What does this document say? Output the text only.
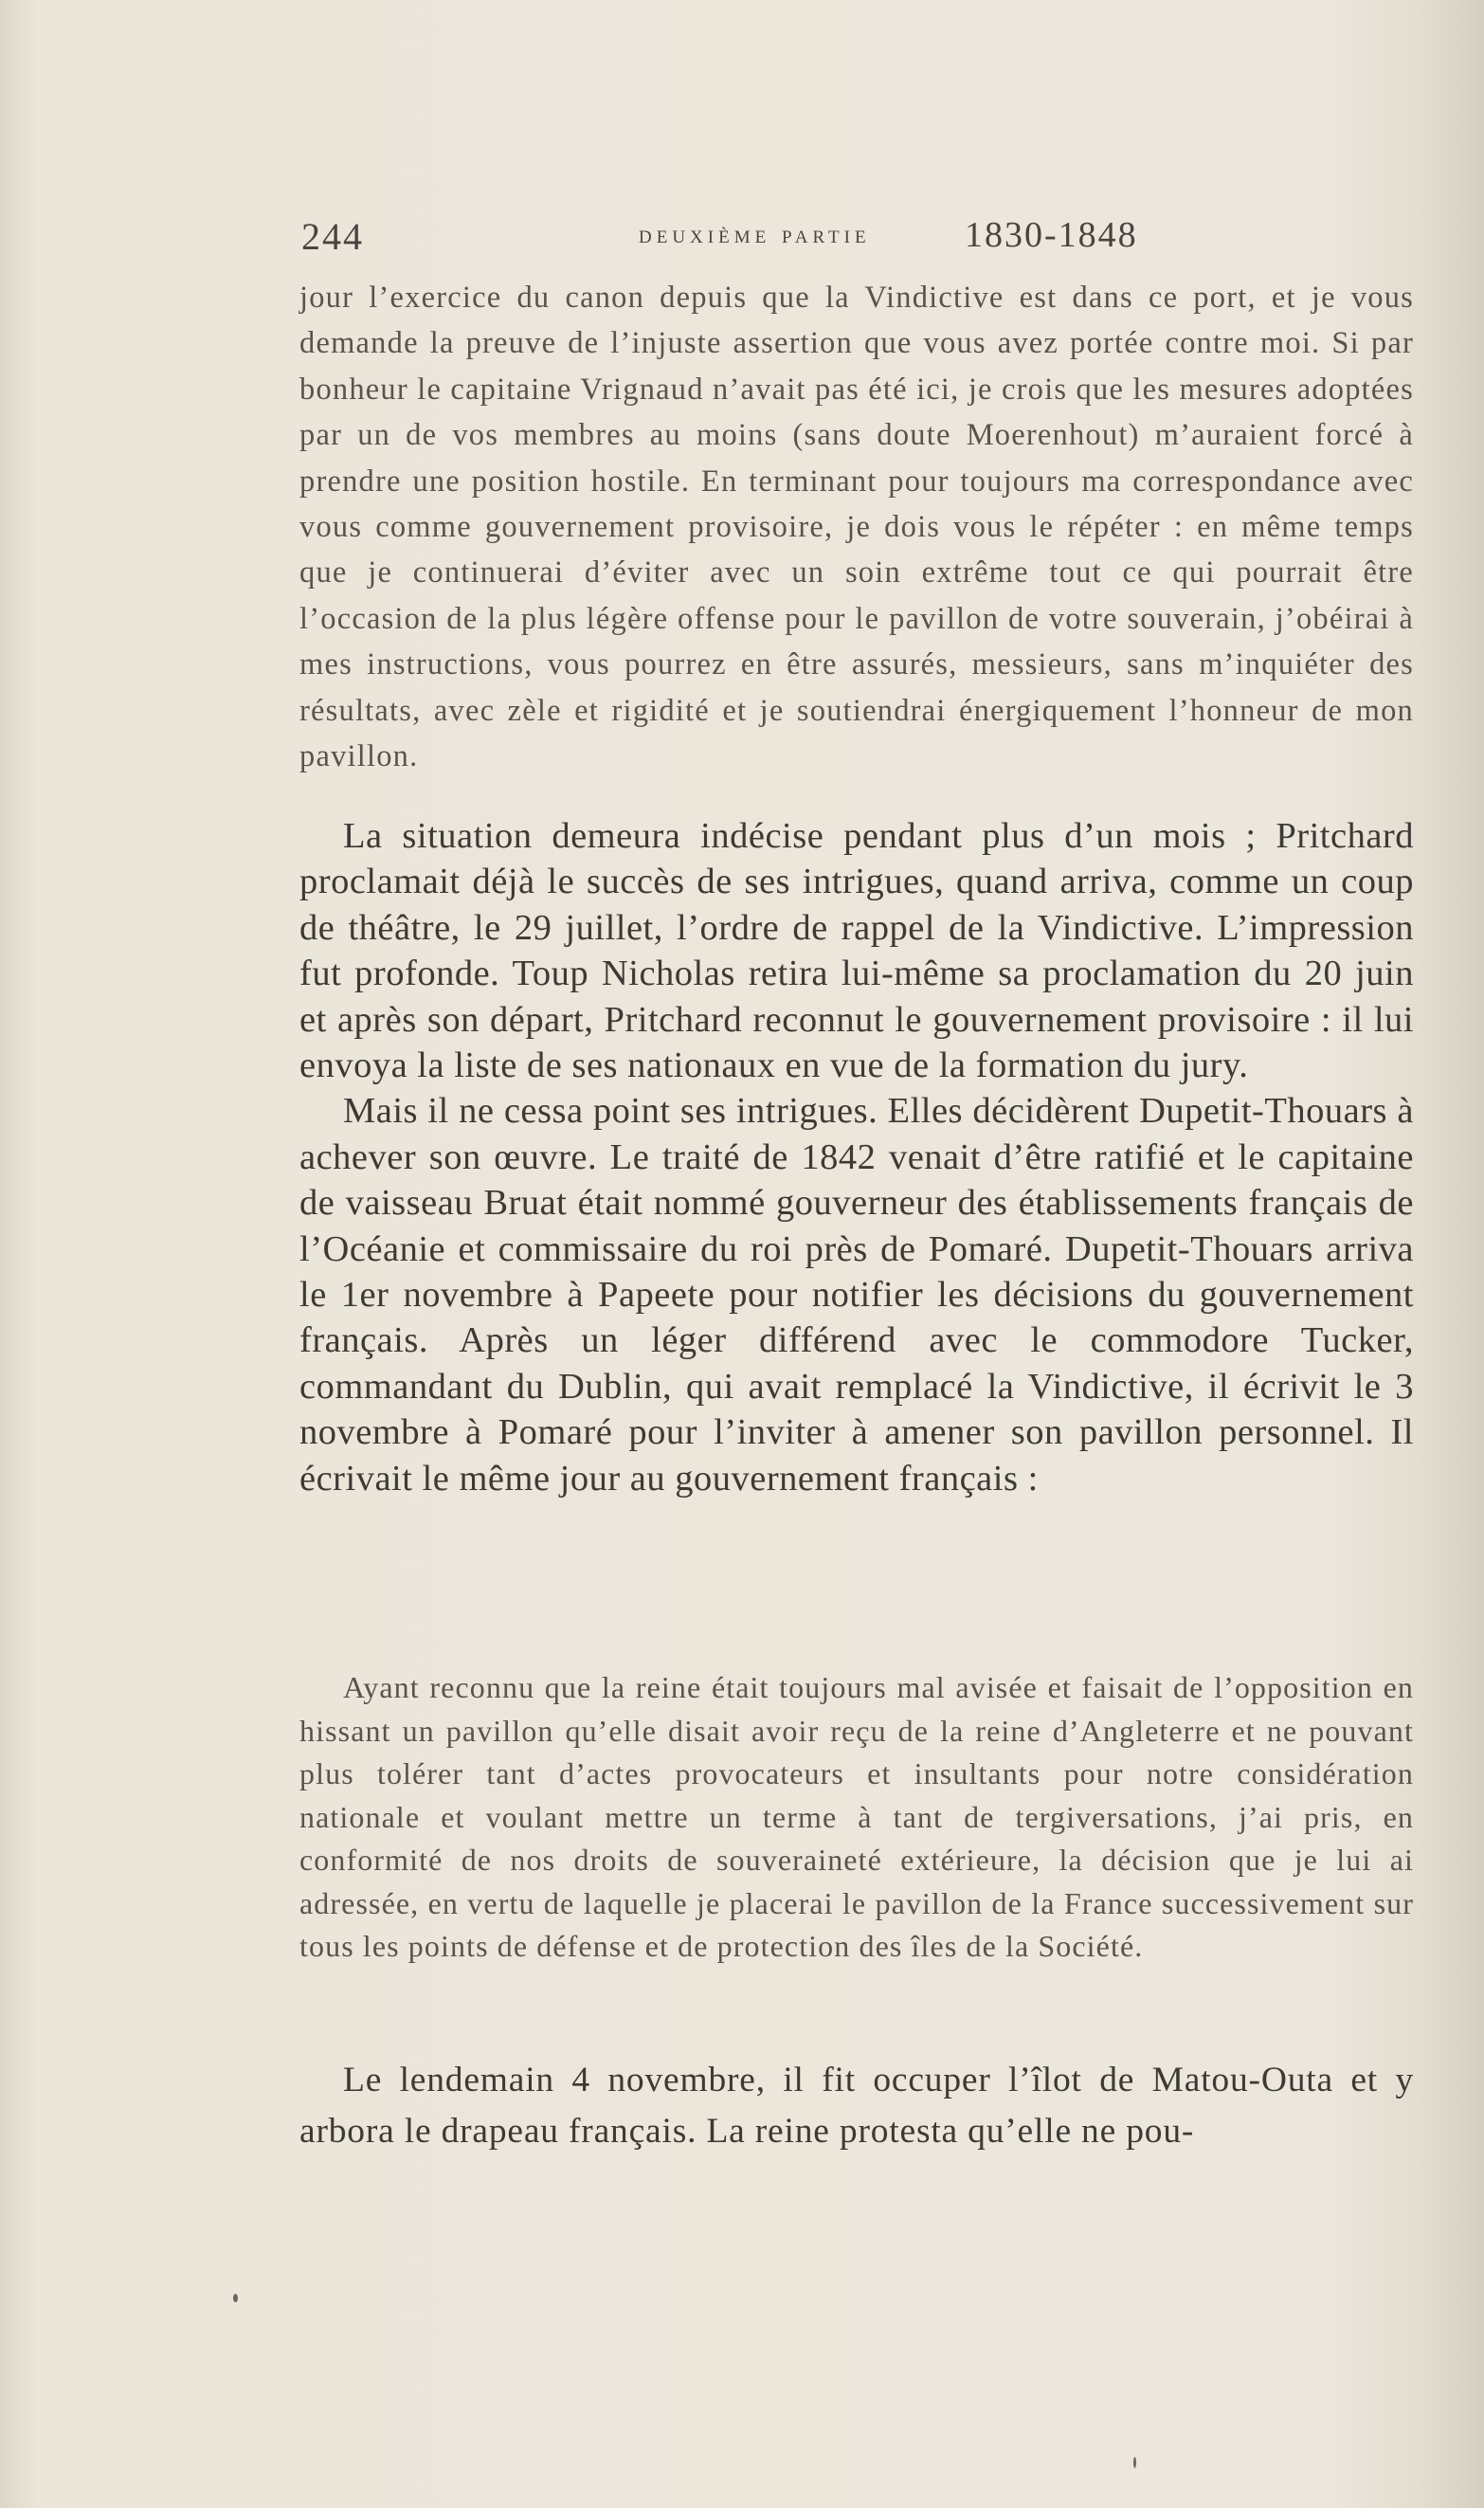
244	deuxième partie	1830-1848

jour l’exercice du canon depuis que la Vindictive est dans ce port, et je vous demande la preuve de l’injuste assertion que vous avez portée contre moi. Si par bonheur le capitaine Vrignaud n’avait pas été ici, je crois que les mesures adoptées par un de vos membres au moins (sans doute Moerenhout) m’auraient forcé à prendre une position hostile. En terminant pour toujours ma correspondance avec vous comme gouvernement provisoire, je dois vous le répéter : en même temps que je continuerai d’éviter avec un soin extrême tout ce qui pourrait être l’occasion de la plus légère offense pour le pavillon de votre souverain, j’obéirai à mes instructions, vous pourrez en être assurés, messieurs, sans m’inquiéter des résultats, avec zèle et rigidité et je soutiendrai énergiquement l’honneur de mon pavillon.

La situation demeura indécise pendant plus d’un mois ; Pritchard proclamait déjà le succès de ses intrigues, quand arriva, comme un coup de théâtre, le 29 juillet, l’ordre de rappel de la Vindictive. L’impression fut profonde. Toup Nicholas retira lui-même sa proclamation du 20 juin et après son départ, Pritchard reconnut le gouvernement provisoire : il lui envoya la liste de ses nationaux en vue de la formation du jury.

Mais il ne cessa point ses intrigues. Elles décidèrent Dupetit-Thouars à achever son œuvre. Le traité de 1842 venait d’être ratifié et le capitaine de vaisseau Bruat était nommé gouverneur des établissements français de l’Océanie et commissaire du roi près de Pomaré. Dupetit-Thouars arriva le 1er novembre à Papeete pour notifier les décisions du gouvernement français. Après un léger différend avec le commodore Tucker, commandant du Dublin, qui avait remplacé la Vindictive, il écrivit le 3 novembre à Pomaré pour l’inviter à amener son pavillon personnel. Il écrivait le même jour au gouvernement français :

Ayant reconnu que la reine était toujours mal avisée et faisait de l’opposition en hissant un pavillon qu’elle disait avoir reçu de la reine d’Angleterre et ne pouvant plus tolérer tant d’actes provocateurs et insultants pour notre considération nationale et voulant mettre un terme à tant de tergiversations, j’ai pris, en conformité de nos droits de souveraineté extérieure, la décision que je lui ai adressée, en vertu de laquelle je placerai le pavillon de la France successivement sur tous les points de défense et de protection des îles de la Société.

Le lendemain 4 novembre, il fit occuper l’îlot de Matou-Outa et y arbora le drapeau français. La reine protesta qu’elle ne pou-
